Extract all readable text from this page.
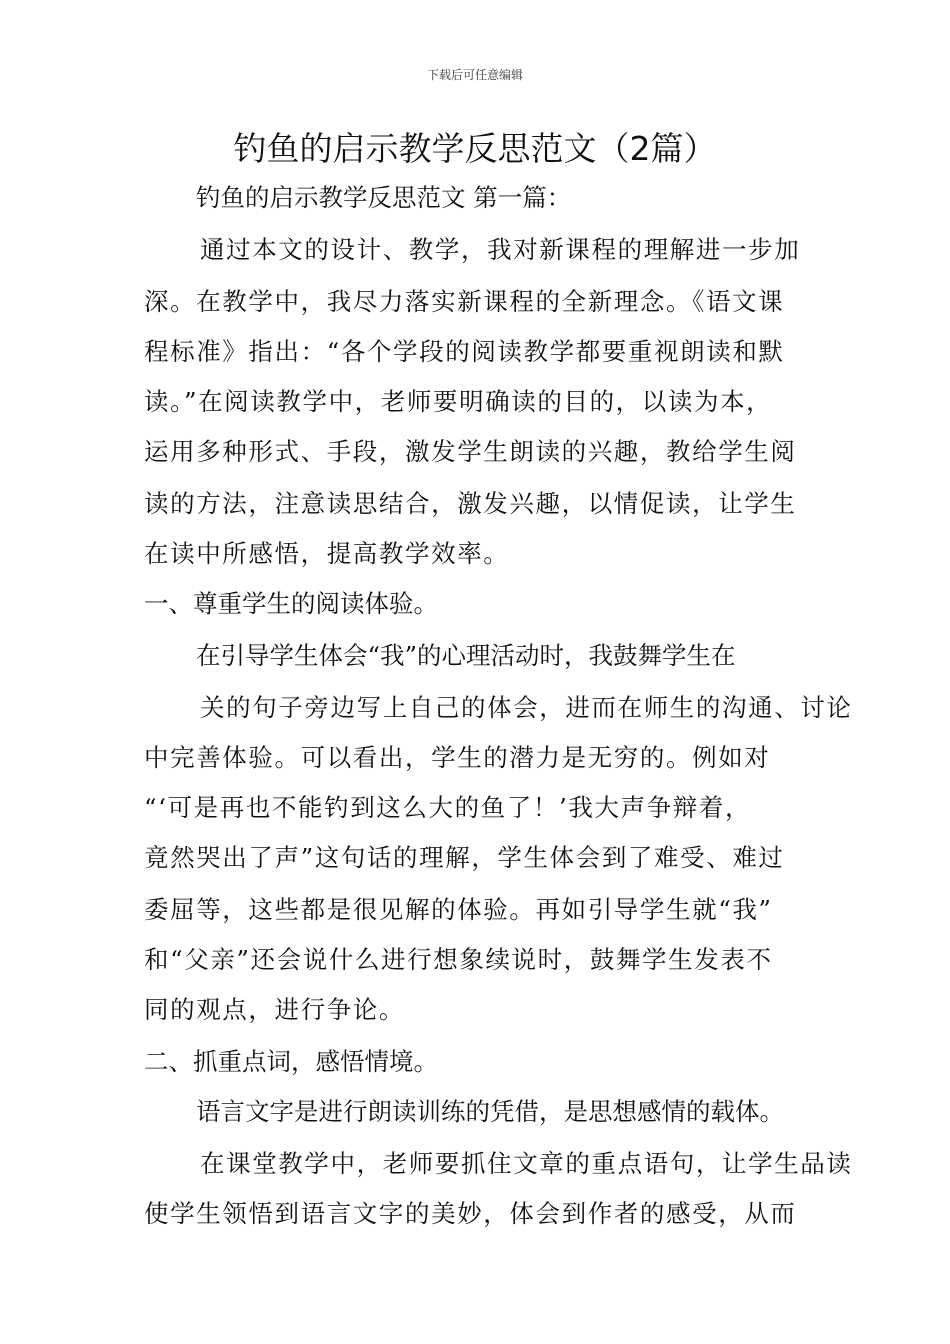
下载后可任意编辑
钓鱼的启示教学反思范文（2篇）
钓鱼的启示教学反思范文 第一篇：
通过本文的设计、教学，我对新课程的理解进一步加
深。在教学中，我尽力落实新课程的全新理念。《语文课
程标准》指出：“各个学段的阅读教学都要重视朗读和默
读。”在阅读教学中，老师要明确读的目的，以读为本，
运用多种形式、手段，激发学生朗读的兴趣，教给学生阅
读的方法，注意读思结合，激发兴趣，以情促读，让学生
在读中所感悟，提高教学效率。
一、尊重学生的阅读体验。
在引导学生体会“我”的心理活动时，我鼓舞学生在
关的句子旁边写上自己的体会，进而在师生的沟通、讨论
中完善体验。可以看出，学生的潜力是无穷的。例如对
“‘可是再也不能钓到这么大的鱼了！’我大声争辩着，
竟然哭出了声”这句话的理解，学生体会到了难受、难过
委屈等，这些都是很见解的体验。再如引导学生就“我”
和“父亲”还会说什么进行想象续说时，鼓舞学生发表不
同的观点，进行争论。
二、抓重点词，感悟情境。
语言文字是进行朗读训练的凭借，是思想感情的载体。
在课堂教学中，老师要抓住文章的重点语句，让学生品读
使学生领悟到语言文字的美妙，体会到作者的感受，从而
